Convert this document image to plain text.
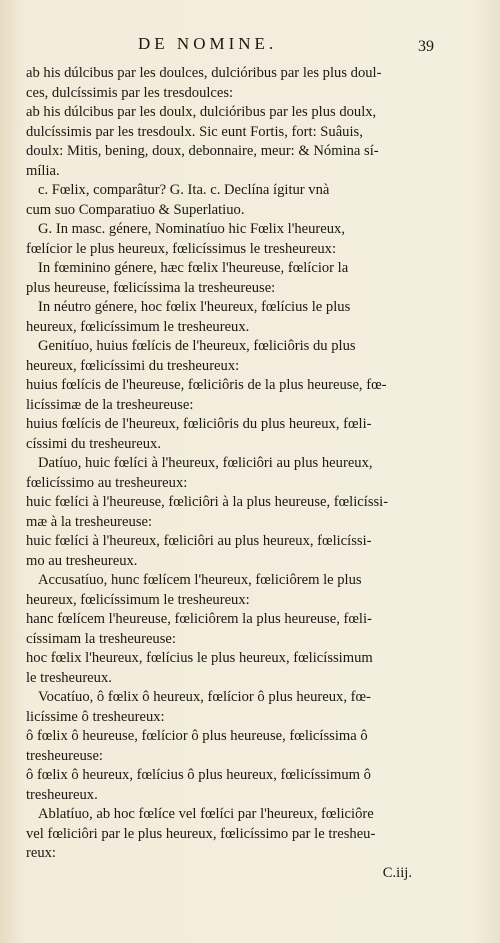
DE NOMINE.	39
ab his dúlcibus par les doulces, dulcióribus par les plus doul-
ces, dulcíssimis par les tresdoulces:
ab his dúlcibus par les doulx, dulcióribus par les plus doulx,
dulcíssimis par les tresdoulx. Sic eunt Fortis, fort: Suâuis,
doulx: Mitis, bening, doux, debonnaire, meur: & Nómina sí-
mília.
c. Fœlix, comparâtur? G. Ita. c. Declína ígitur vnà
cum suo Comparatiuo & Superlatiuo.
G. In masc. génere, Nominatíuo hic Fœlix l'heureux,
fœlícior le plus heureux, fœlicíssimus le tresheureux:
In fœminino génere, hæc fœlix l'heureuse, fœlícior la
plus heureuse, fœlicíssima la tresheureuse:
In néutro génere, hoc fœlix l'heureux, fœlícius le plus
heureux, fœlicíssimum le tresheureux.
Genitíuo, huius fœlícis de l'heureux, fœliciôris du plus
heureux, fœlicíssimi du tresheureux:
huius fœlícis de l'heureuse, fœliciôris de la plus heureuse, fœ-
licíssimæ de la tresheureuse:
huius fœlícis de l'heureux, fœliciôris du plus heureux, fœli-
císsimi du tresheureux.
Datíuo, huic fœlíci à l'heureux, fœliciôri au plus heureux,
fœlicíssimo au tresheureux:
huic fœlíci à l'heureuse, fœliciôri à la plus heureuse, fœlicíssi-
mæ à la tresheureuse:
huic fœlíci à l'heureux, fœliciôri au plus heureux, fœlicíssi-
mo au tresheureux.
Accusatíuo, hunc fœlícem l'heureux, fœliciôrem le plus
heureux, fœlicíssimum le tresheureux:
hanc fœlícem l'heureuse, fœliciôrem la plus heureuse, fœli-
císsimam la tresheureuse:
hoc fœlix l'heureux, fœlícius le plus heureux, fœlicíssimum
le tresheureux.
Vocatíuo, ô fœlix ô heureux, fœlícior ô plus heureux, fœ-
licíssime ô tresheureux:
ô fœlix ô heureuse, fœlícior ô plus heureuse, fœlicíssima ô
tresheureuse:
ô fœlix ô heureux, fœlícius ô plus heureux, fœlicíssimum ô
tresheureux.
Ablatíuo, ab hoc fœlíce vel fœlíci par l'heureux, fœliciôre
vel fœliciôri par le plus heureux, fœlicíssimo par le treshеu-
reux:
C.iij.
